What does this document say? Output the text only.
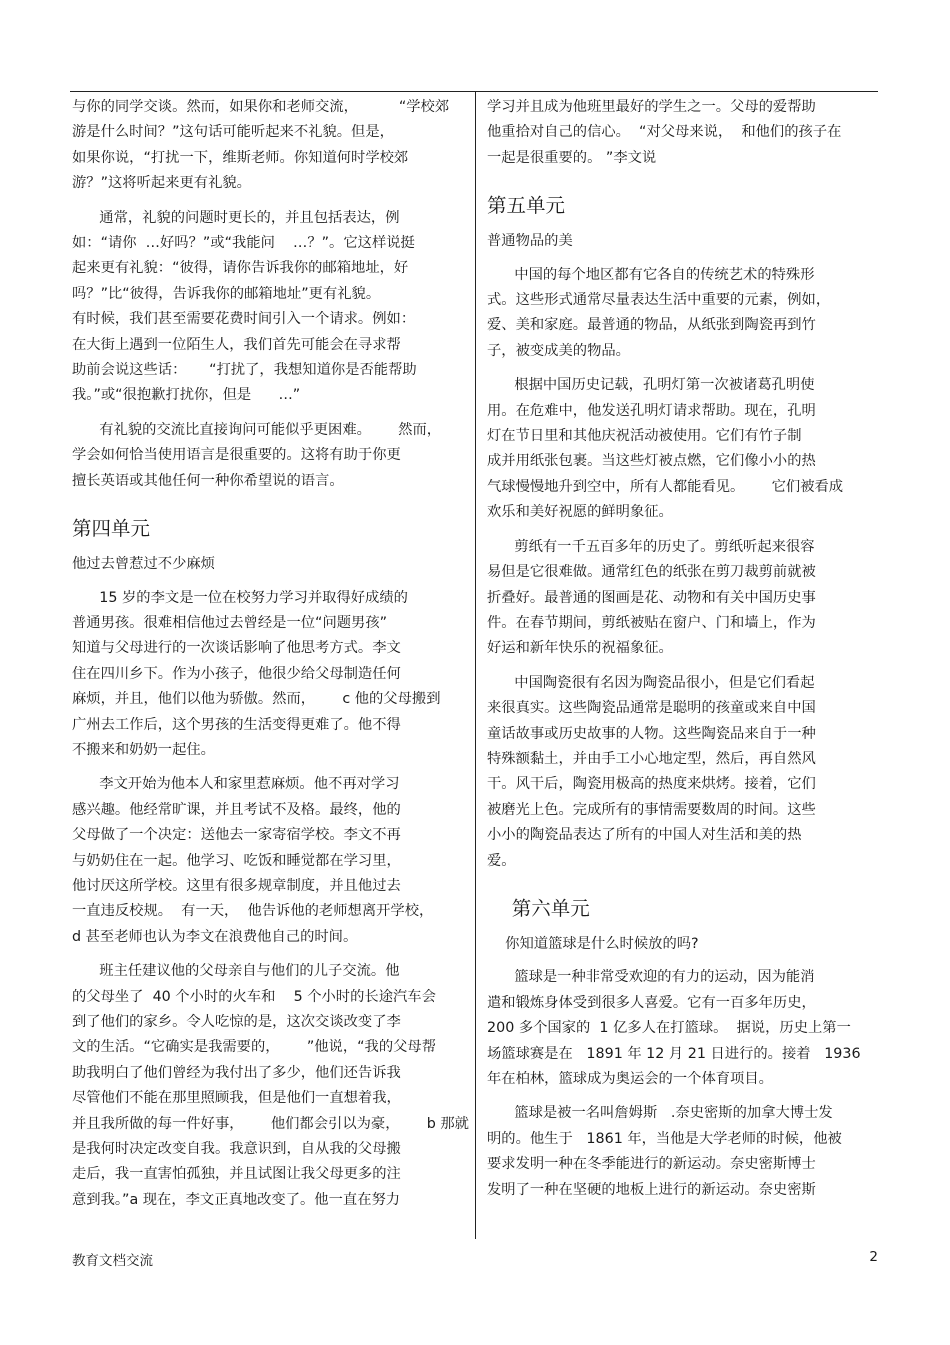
与你的同学交谈。然而，如果你和老师交流，         “学校郊
游是什么时间？”这句话可能听起来不礼貌。但是，
如果你说，“打扰一下，维斯老师。你知道何时学校郊
游？”这将听起来更有礼貌。
通常，礼貌的问题时更长的，并且包括表达，例
如：“请你  …好吗？”或“我能问    …？”。它这样说挺
起来更有礼貌：“彼得，请你告诉我你的邮箱地址，好
吗？”比“彼得，告诉我你的邮箱地址”更有礼貌。
有时候，我们甚至需要花费时间引入一个请求。例如：
在大街上遇到一位陌生人，我们首先可能会在寻求帮
助前会说这些话：     “打扰了，我想知道你是否能帮助
我。”或“很抱歉打扰你，但是      …”
有礼貌的交流比直接询问可能似乎更困难。      然而，
学会如何恰当使用语言是很重要的。这将有助于你更
擅长英语或其他任何一种你希望说的语言。
第四单元
他过去曾惹过不少麻烦
15 岁的李文是一位在校努力学习并取得好成绩的
普通男孩。很难相信他过去曾经是一位“问题男孩”
知道与父母进行的一次谈话影响了他思考方式。李文
住在四川乡下。作为小孩子，他很少给父母制造任何
麻烦，并且，他们以他为骄傲。然而，      c 他的父母搬到
广州去工作后，这个男孩的生活变得更难了。他不得
不搬来和奶奶一起住。
李文开始为他本人和家里惹麻烦。他不再对学习
感兴趣。他经常旷课，并且考试不及格。最终，他的
父母做了一个决定：送他去一家寄宿学校。李文不再
与奶奶住在一起。他学习、吃饭和睡觉都在学习里，
他讨厌这所学校。这里有很多规章制度，并且他过去
一直违反校规。  有一天，  他告诉他的老师想离开学校，
d 甚至老师也认为李文在浪费他自己的时间。
班主任建议他的父母亲自与他们的儿子交流。他
的父母坐了  40 个小时的火车和    5 个小时的长途汽车会
到了他们的家乡。令人吃惊的是，这次交谈改变了李
文的生活。“它确实是我需要的，      ”他说，“我的父母帮
助我明白了他们曾经为我付出了多少，他们还告诉我
尽管他们不能在那里照顾我，但是他们一直想着我，
并且我所做的每一件好事，      他们都会引以为豪，      b 那就
是我何时决定改变自我。我意识到，自从我的父母搬
走后，我一直害怕孤独，并且试图让我父母更多的注
意到我。”a 现在，李文正真地改变了。他一直在努力
学习并且成为他班里最好的学生之一。父母的爱帮助
他重拾对自己的信心。  “对父母来说，  和他们的孩子在
一起是很重要的。 ”李文说
第五单元
普通物品的美
中国的每个地区都有它各自的传统艺术的特殊形
式。这些形式通常尽量表达生活中重要的元素，例如，
爱、美和家庭。最普通的物品，从纸张到陶瓷再到竹
子，被变成美的物品。
根据中国历史记载，孔明灯第一次被诸葛孔明使
用。在危难中，他发送孔明灯请求帮助。现在，孔明
灯在节日里和其他庆祝活动被使用。它们有竹子制
成并用纸张包裹。当这些灯被点燃，它们像小小的热
气球慢慢地升到空中，所有人都能看见。      它们被看成
欢乐和美好祝愿的鲜明象征。
剪纸有一千五百多年的历史了。剪纸听起来很容
易但是它很难做。通常红色的纸张在剪刀裁剪前就被
折叠好。最普通的图画是花、动物和有关中国历史事
件。在春节期间，剪纸被贴在窗户、门和墙上，作为
好运和新年快乐的祝福象征。
中国陶瓷很有名因为陶瓷品很小，但是它们看起
来很真实。这些陶瓷品通常是聪明的孩童或来自中国
童话故事或历史故事的人物。这些陶瓷品来自于一种
特殊额黏土，并由手工小心地定型，然后，再自然风
干。风干后，陶瓷用极高的热度来烘烤。接着，它们
被磨光上色。完成所有的事情需要数周的时间。这些
小小的陶瓷品表达了所有的中国人对生活和美的热
爱。
第六单元
你知道篮球是什么时候放的吗?
篮球是一种非常受欢迎的有力的运动，因为能消
遣和锻炼身体受到很多人喜爱。它有一百多年历史，
200 多个国家的  1 亿多人在打篮球。  据说，历史上第一
场篮球赛是在   1891 年 12 月 21 日进行的。接着   1936
年在柏林，篮球成为奥运会的一个体育项目。
篮球是被一名叫詹姆斯   .奈史密斯的加拿大博士发
明的。他生于   1861 年，当他是大学老师的时候，他被
要求发明一种在冬季能进行的新运动。奈史密斯博士
发明了一种在坚硬的地板上进行的新运动。奈史密斯
教育文档交流	2
